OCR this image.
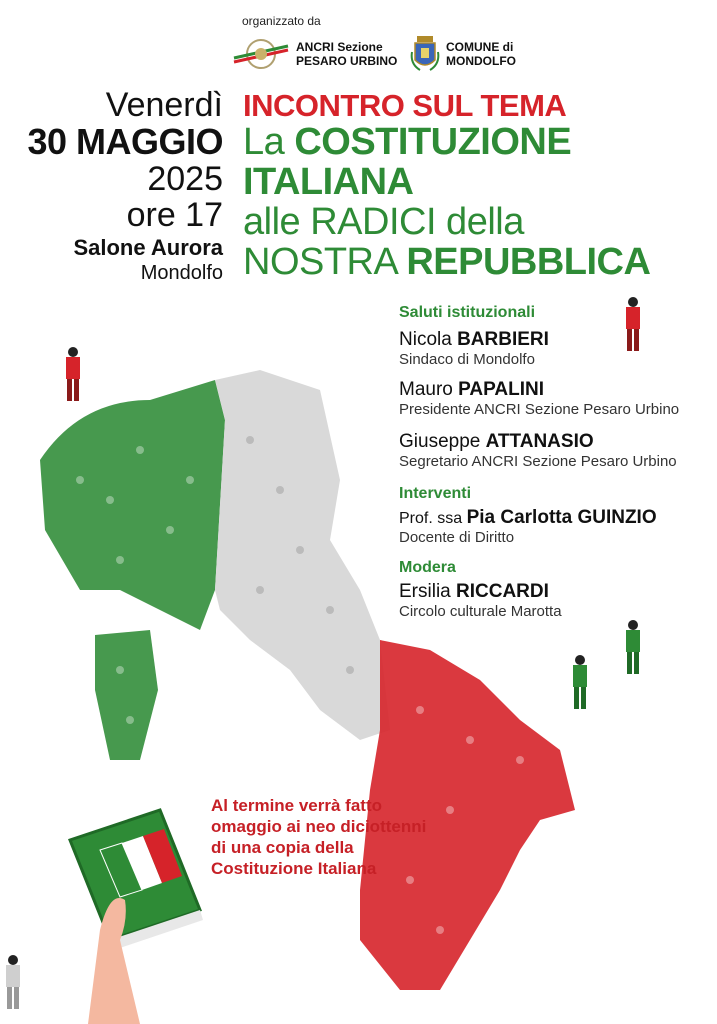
organizzato da
ANCRI Sezione
PESARO URBINO
COMUNE di
MONDOLFO
Venerdì
30 MAGGIO
2025
ore 17
Salone Aurora
Mondolfo
INCONTRO SUL TEMA
La COSTITUZIONE
ITALIANA
alle RADICI della
NOSTRA REPUBBLICA
Saluti istituzionali
Nicola BARBIERI
Sindaco di Mondolfo
Mauro PAPALINI
Presidente ANCRI Sezione Pesaro Urbino
Giuseppe ATTANASIO
Segretario ANCRI Sezione Pesaro Urbino
Interventi
Prof. ssa Pia Carlotta GUINZIO
Docente di Diritto
Modera
Ersilia RICCARDI
Circolo culturale Marotta
Al termine verrà fatto
omaggio ai neo diciottenni
di una copia della
Costituzione Italiana
